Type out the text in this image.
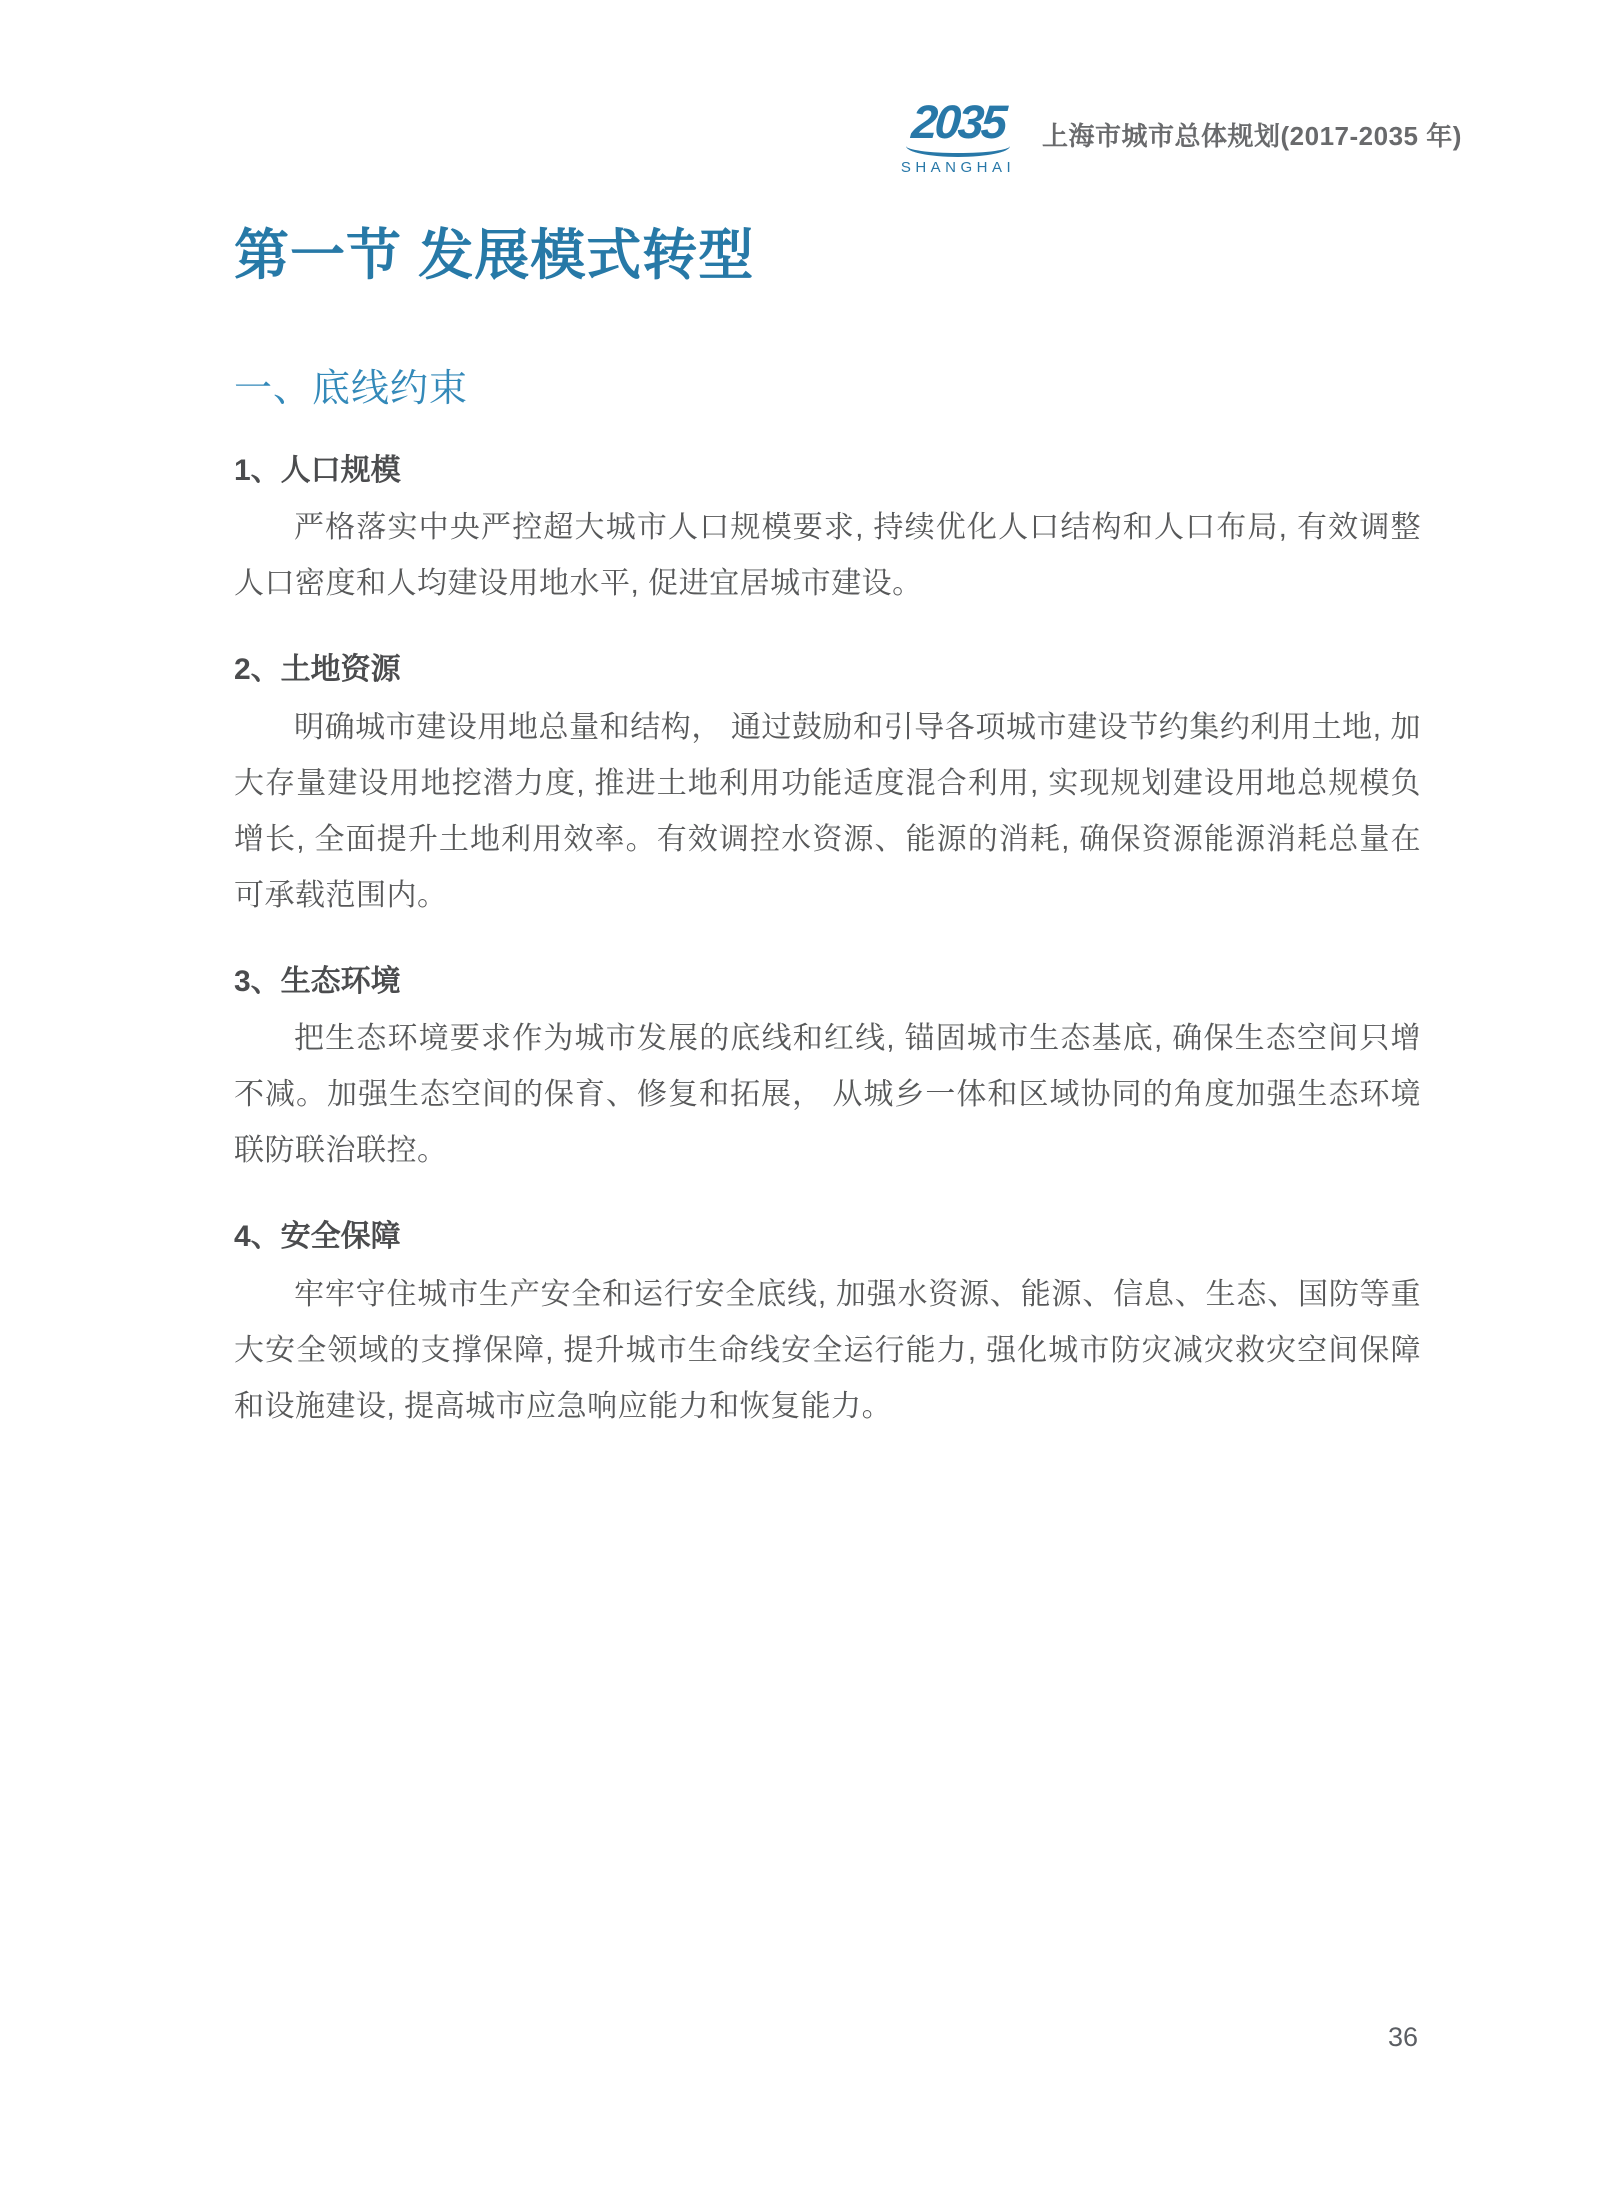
2035
SHANGHAI
上海市城市总体规划(2017-2035 年)
第一节 发展模式转型
一、底线约束
1、人口规模

严格落实中央严控超大城市人口规模要求, 持续优化人口结构和人口布局, 有效调整人口密度和人均建设用地水平, 促进宜居城市建设。

2、土地资源

明确城市建设用地总量和结构， 通过鼓励和引导各项城市建设节约集约利用土地, 加大存量建设用地挖潜力度, 推进土地利用功能适度混合利用, 实现规划建设用地总规模负增长, 全面提升土地利用效率。有效调控水资源、能源的消耗, 确保资源能源消耗总量在可承载范围内。

3、生态环境

把生态环境要求作为城市发展的底线和红线, 锚固城市生态基底, 确保生态空间只增不减。加强生态空间的保育、修复和拓展， 从城乡一体和区域协同的角度加强生态环境联防联治联控。

4、安全保障

牢牢守住城市生产安全和运行安全底线, 加强水资源、能源、信息、生态、国防等重大安全领域的支撑保障, 提升城市生命线安全运行能力, 强化城市防灾减灾救灾空间保障和设施建设, 提高城市应急响应能力和恢复能力。

36
